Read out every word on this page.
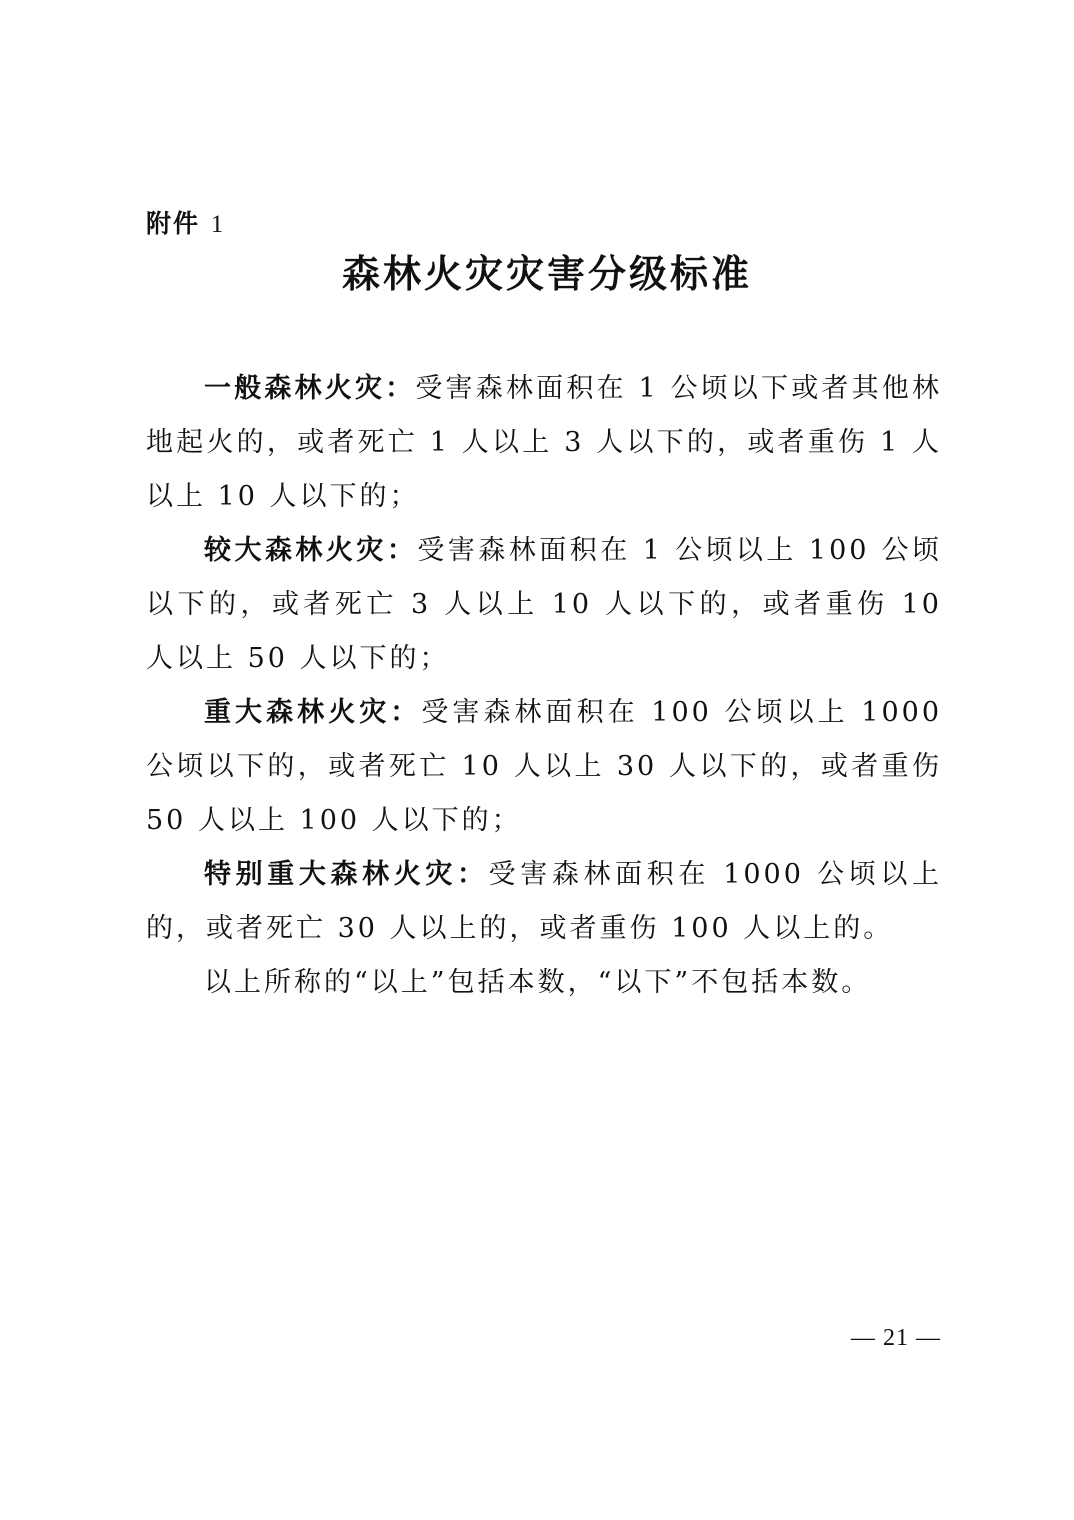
附件 1
森林火灾灾害分级标准

一般森林火灾：受害森林面积在 1 公顷以下或者其他林地起火的，或者死亡 1 人以上 3 人以下的，或者重伤 1 人以上 10 人以下的；

较大森林火灾：受害森林面积在 1 公顷以上 100 公顷以下的，或者死亡 3 人以上 10 人以下的，或者重伤 10 人以上 50 人以下的；

重大森林火灾：受害森林面积在 100 公顷以上 1000 公顷以下的，或者死亡 10 人以上 30 人以下的，或者重伤 50 人以上 100 人以下的；

特别重大森林火灾：受害森林面积在 1000 公顷以上的，或者死亡 30 人以上的，或者重伤 100 人以上的。

以上所称的“以上”包括本数，“以下”不包括本数。

— 21 —
